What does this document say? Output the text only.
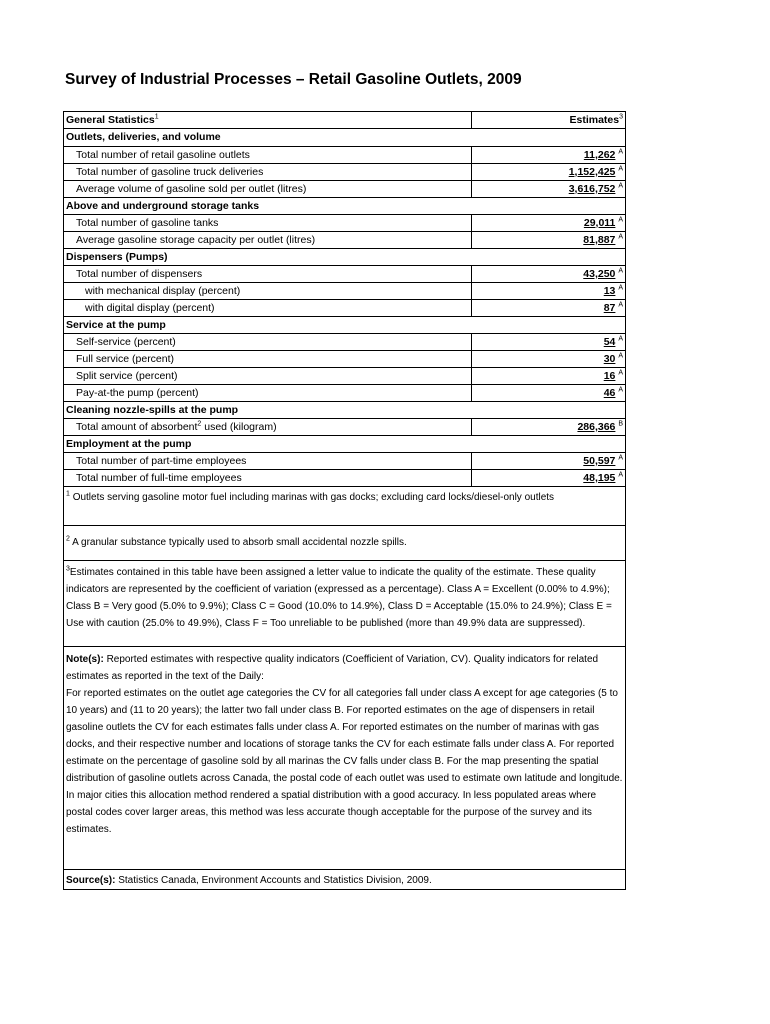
Survey of Industrial Processes – Retail Gasoline Outlets, 2009
General Statistics$^1$	Estimates$^3$
Outlets, deliveries, and volume
Total number of retail gasoline outlets	11,262 $^A$
Total number of gasoline truck deliveries	1,152,425 $^A$
Average volume of gasoline sold per outlet (litres)	3,616,752 $^A$
Above and underground storage tanks
Total number of gasoline tanks	29,011 $^A$
Average gasoline storage capacity per outlet (litres)	81,887 $^A$
Dispensers (Pumps)
Total number of dispensers	43,250 $^A$
with mechanical display (percent)	13 $^A$
with digital display (percent)	87 $^A$
Service at the pump
Self-service (percent)	54 $^A$
Full service (percent)	30 $^A$
Split service (percent)	16 $^A$
Pay-at-the pump (percent)	46 $^A$
Cleaning nozzle-spills at the pump
Total amount of absorbent$^2$ used (kilogram)	286,366 $^B$
Employment at the pump
Total number of part-time employees	50,597 $^A$
Total number of full-time employees	48,195 $^A$
$^1$ Outlets serving gasoline motor fuel including marinas with gas docks; excluding card locks/diesel-only outlets
$^2$ A granular substance typically used to absorb small accidental nozzle spills.
$^3$Estimates contained in this table have been assigned a letter value to indicate the quality of the estimate. These quality indicators are represented by the coefficient of variation (expressed as a percentage). Class A = Excellent (0.00% to 4.9%); Class B = Very good (5.0% to 9.9%); Class C = Good (10.0% to 14.9%), Class D = Acceptable (15.0% to 24.9%); Class E = Use with caution (25.0% to 49.9%), Class F = Too unreliable to be published (more than 49.9% data are suppressed).

Note(s): Reported estimates with respective quality indicators (Coefficient of Variation, CV). Quality indicators for related estimates as reported in the text of the Daily:

For reported estimates on the outlet age categories the CV for all categories fall under class A except for age categories (5 to 10 years) and (11 to 20 years); the latter two fall under class B. For reported estimates on the age of dispensers in retail gasoline outlets the CV for each estimates falls under class A. For reported estimates on the number of marinas with gas docks, and their respective number and locations of storage tanks the CV for each estimate falls under class A. For reported estimate on the percentage of gasoline sold by all marinas the CV falls under class B. For the map presenting the spatial distribution of gasoline outlets across Canada, the postal code of each outlet was used to estimate own latitude and longitude. In major cities this allocation method rendered a spatial distribution with a good accuracy. In less populated areas where postal codes cover larger areas, this method was less accurate though acceptable for the purpose of the survey and its estimates.

Source(s): Statistics Canada, Environment Accounts and Statistics Division, 2009.
